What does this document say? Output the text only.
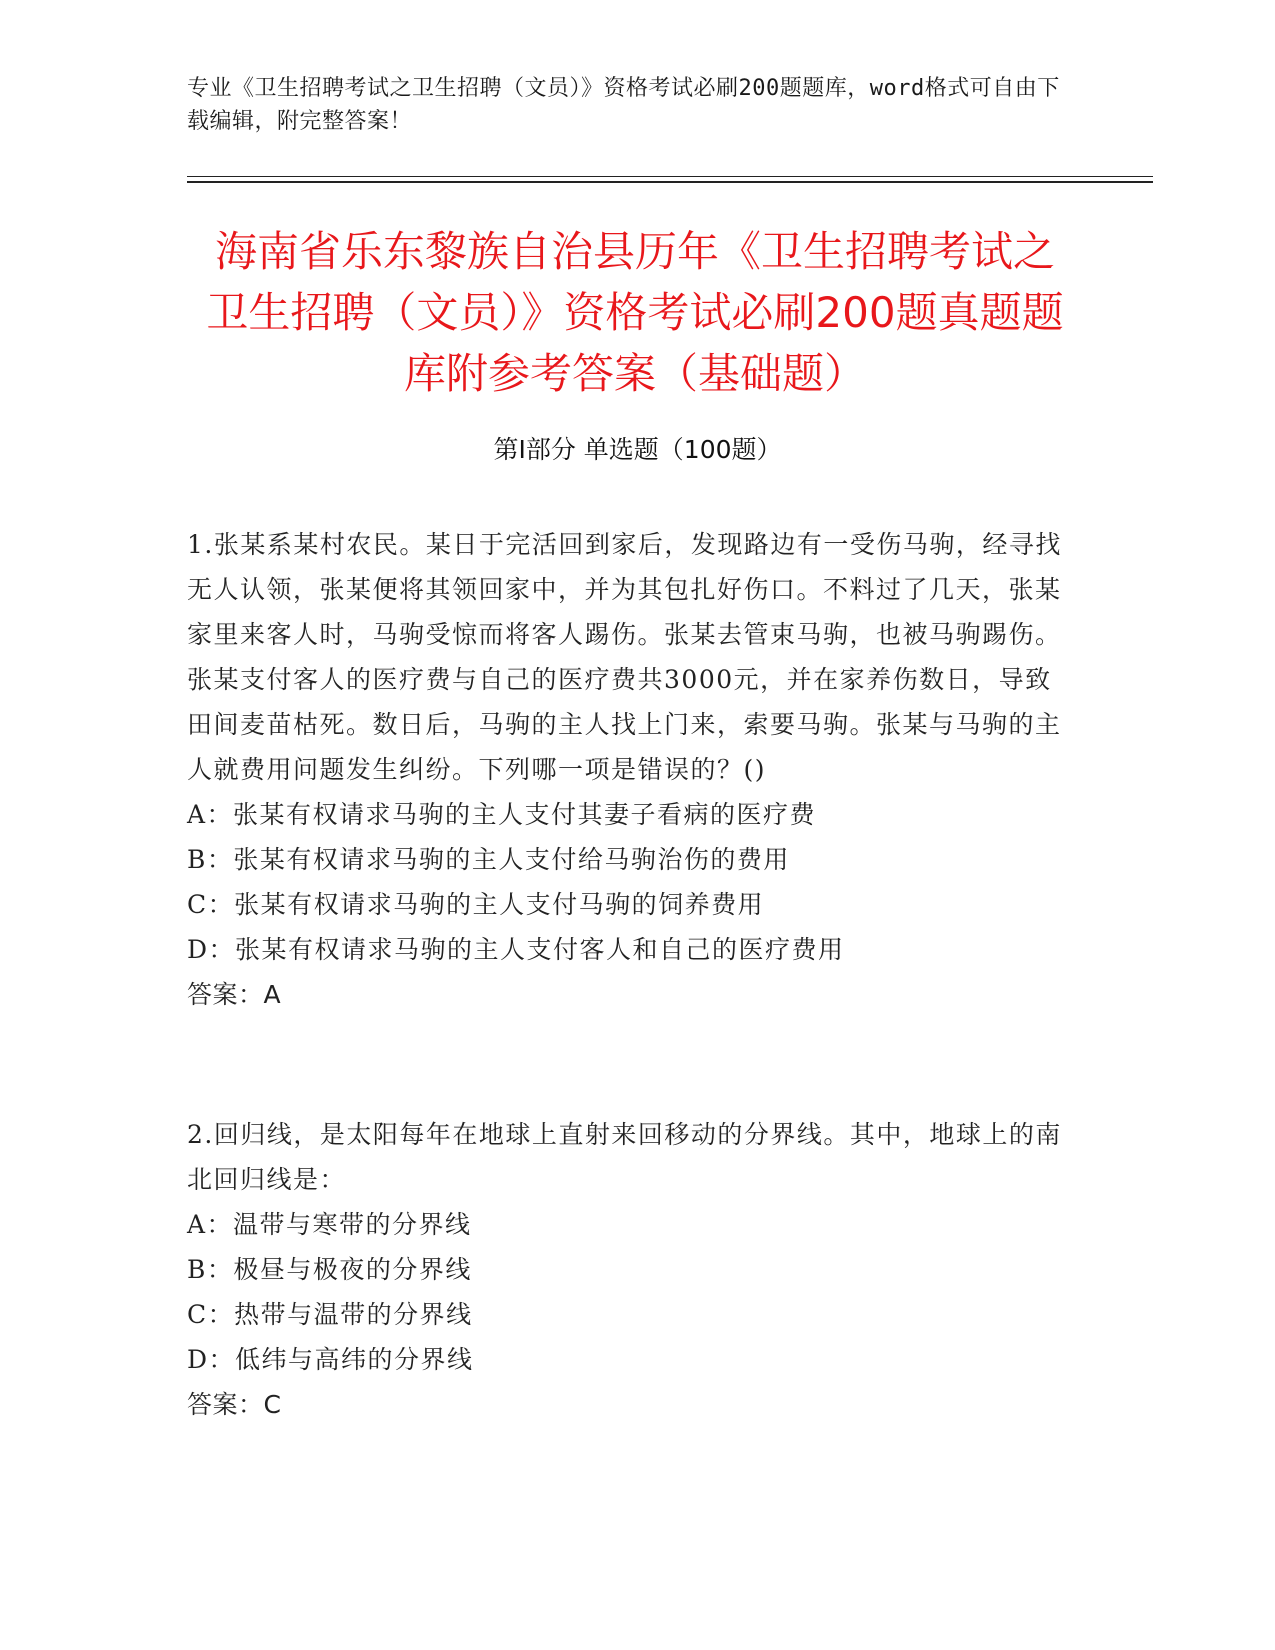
专业《卫生招聘考试之卫生招聘（文员）》资格考试必刷200题题库，word格式可自由下载编辑，附完整答案！
海南省乐东黎族自治县历年《卫生招聘考试之卫生招聘（文员）》资格考试必刷200题真题题库附参考答案（基础题）
第I部分 单选题（100题）

1.张某系某村农民。某日于完活回到家后，发现路边有一受伤马驹，经寻找无人认领，张某便将其领回家中，并为其包扎好伤口。不料过了几天，张某家里来客人时，马驹受惊而将客人踢伤。张某去管束马驹，也被马驹踢伤。张某支付客人的医疗费与自己的医疗费共3000元，并在家养伤数日，导致田间麦苗枯死。数日后，马驹的主人找上门来，索要马驹。张某与马驹的主人就费用问题发生纠纷。下列哪一项是错误的？()

A：张某有权请求马驹的主人支付其妻子看病的医疗费

B：张某有权请求马驹的主人支付给马驹治伤的费用

C：张某有权请求马驹的主人支付马驹的饲养费用

D：张某有权请求马驹的主人支付客人和自己的医疗费用

答案：A

2.回归线，是太阳每年在地球上直射来回移动的分界线。其中，地球上的南北回归线是：

A：温带与寒带的分界线

B：极昼与极夜的分界线

C：热带与温带的分界线

D：低纬与高纬的分界线

答案：C
